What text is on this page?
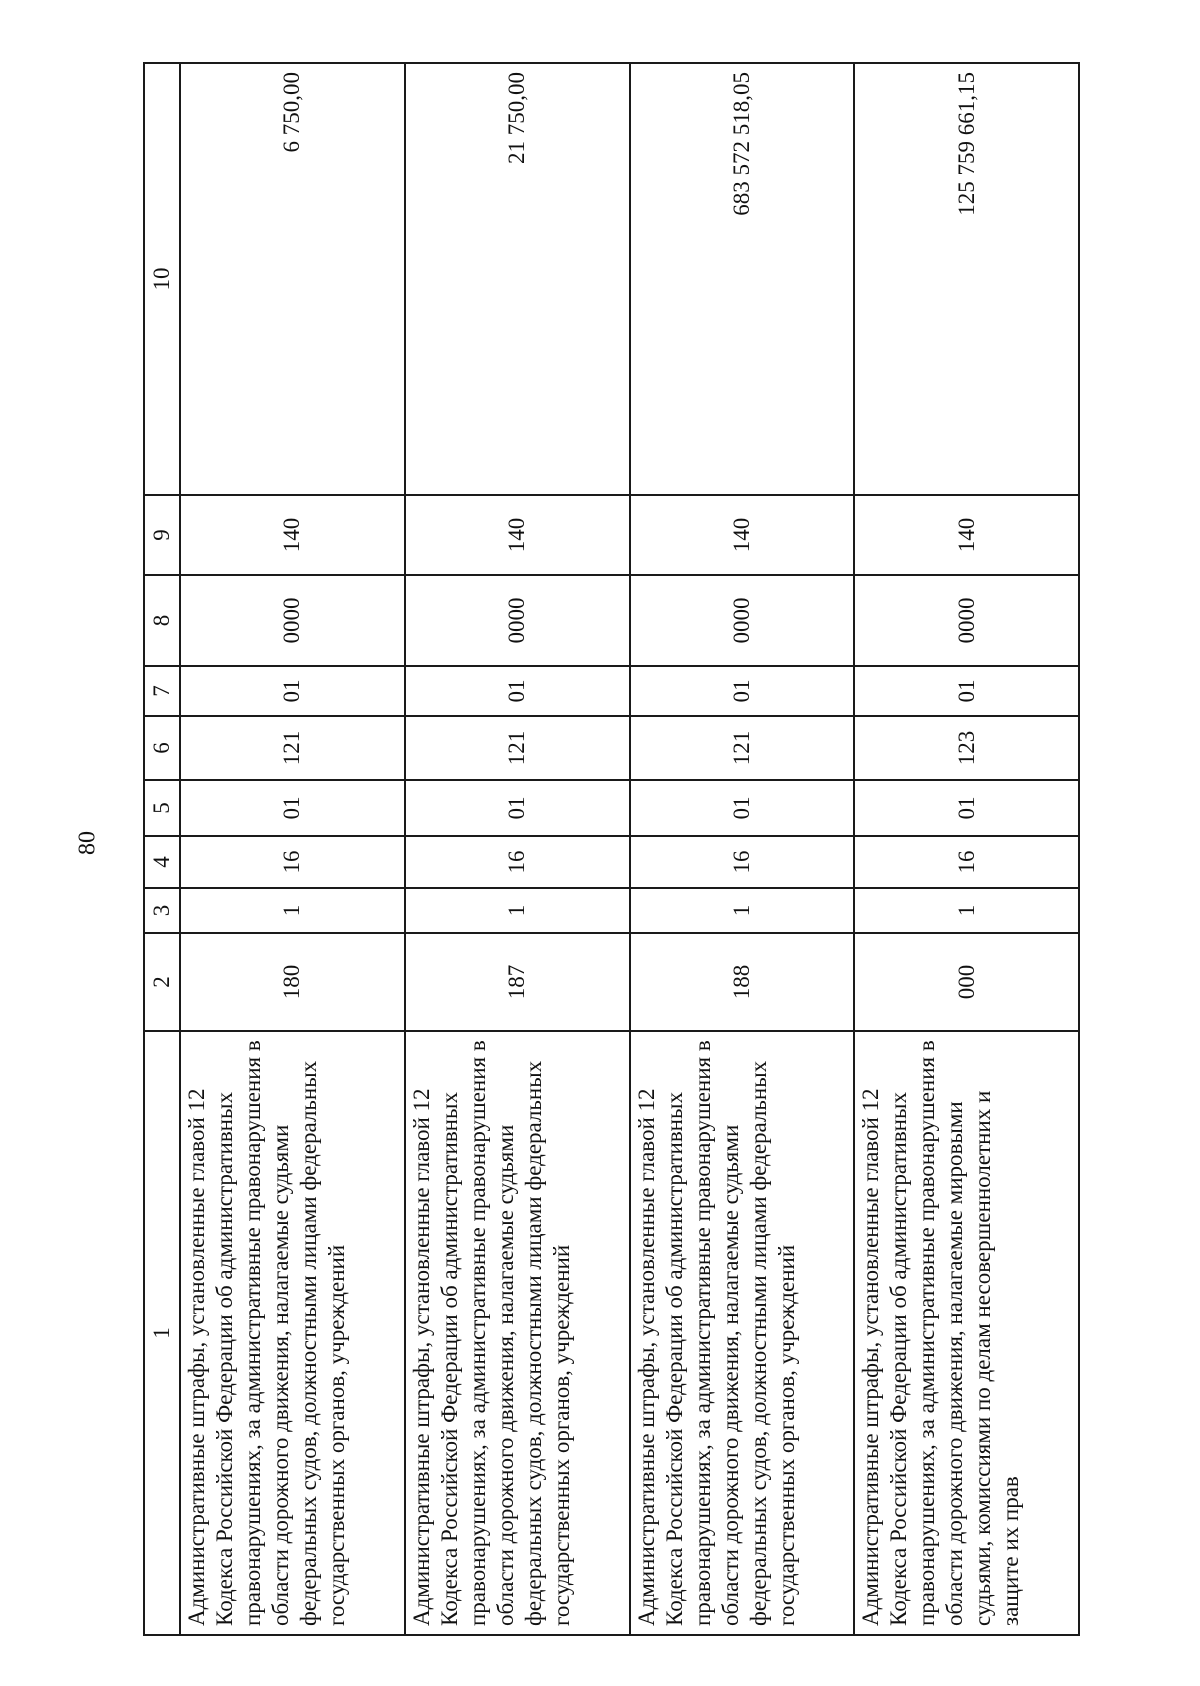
80
1	2	3	4	5	6	7	8	9	10
Административные штрафы, установленные главой 12 Кодекса Российской Федерации об административных правонарушениях, за административные правонарушения в области дорожного движения, налагаемые судьями федеральных судов, должностными лицами федеральных государственных органов, учреждений	180	1	16	01	121	01	0000	140	6 750,00
Административные штрафы, установленные главой 12 Кодекса Российской Федерации об административных правонарушениях, за административные правонарушения в области дорожного движения, налагаемые судьями федеральных судов, должностными лицами федеральных государственных органов, учреждений	187	1	16	01	121	01	0000	140	21 750,00
Административные штрафы, установленные главой 12 Кодекса Российской Федерации об административных правонарушениях, за административные правонарушения в области дорожного движения, налагаемые судьями федеральных судов, должностными лицами федеральных государственных органов, учреждений	188	1	16	01	121	01	0000	140	683 572 518,05
Административные штрафы, установленные главой 12 Кодекса Российской Федерации об административных правонарушениях, за административные правонарушения в области дорожного движения, налагаемые мировыми судьями, комиссиями по делам несовершеннолетних и защите их прав	000	1	16	01	123	01	0000	140	125 759 661,15
